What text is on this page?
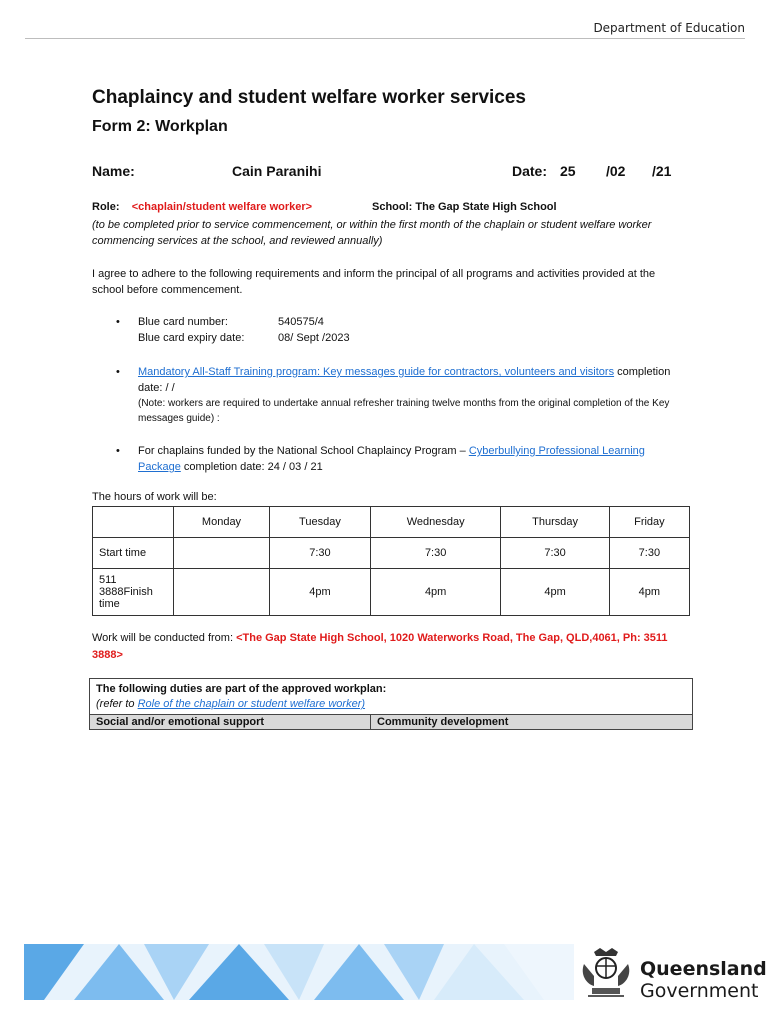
Department of Education
Chaplaincy and student welfare worker services
Form 2: Workplan
Name:	Cain Paranihi	Date: 25 /02 /21
Role: <chaplain/student welfare worker>	School: The Gap State High School
(to be completed prior to service commencement, or within the first month of the chaplain or student welfare worker commencing services at the school, and reviewed annually)
I agree to adhere to the following requirements and inform the principal of all programs and activities provided at the school before commencement.
• Blue card number:	540575/4
Blue card expiry date:	08/ Sept /2023
• Mandatory All-Staff Training program: Key messages guide for contractors, volunteers and visitors completion date: / /
(Note: workers are required to undertake annual refresher training twelve months from the original completion of the Key messages guide) :
• For chaplains funded by the National School Chaplaincy Program – Cyberbullying Professional Learning Package completion date: 24 / 03 / 21
The hours of work will be:
	Monday	Tuesday	Wednesday	Thursday	Friday
Start time		7:30	7:30	7:30	7:30
511 3888Finish time		4pm	4pm	4pm	4pm
Work will be conducted from: <The Gap State High School, 1020 Waterworks Road, The Gap, QLD,4061, Ph: 3511 3888>
The following duties are part of the approved workplan:
(refer to Role of the chaplain or student welfare worker)
Social and/or emotional support	Community development
Queensland
Government
